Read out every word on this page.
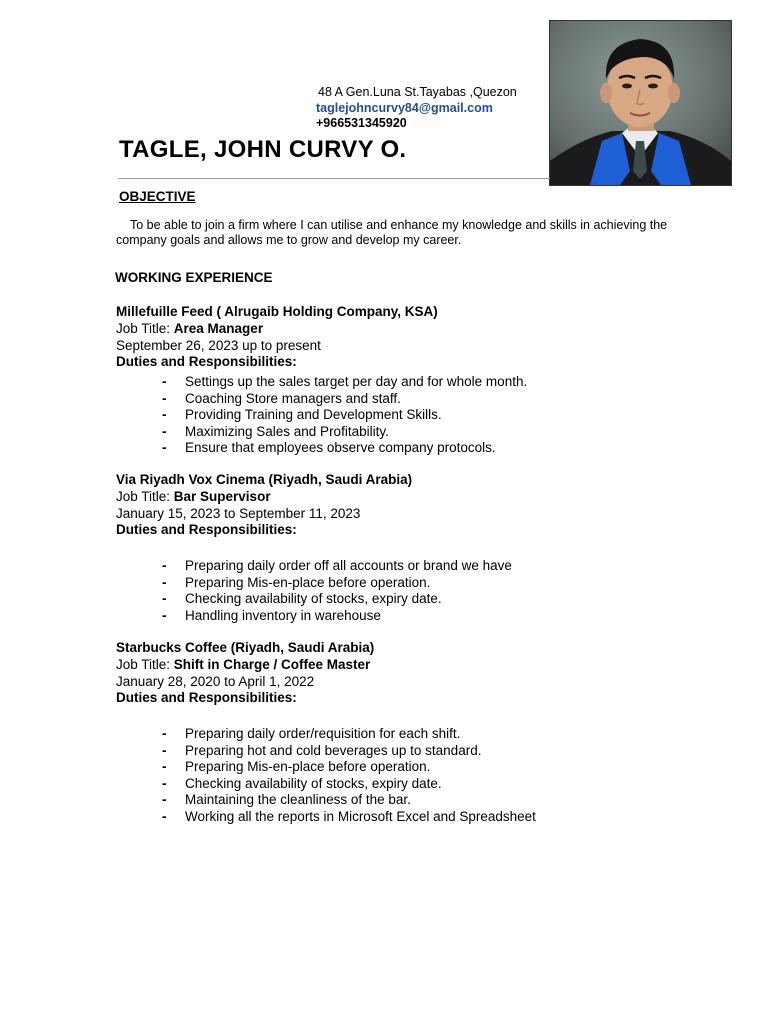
48 A Gen.Luna St.Tayabas ,Quezon
taglejohncurvy84@gmail.com
+966531345920
TAGLE, JOHN CURVY O.
OBJECTIVE
To be able to join a firm where I can utilise and enhance my knowledge and skills in achieving the company goals and allows me to grow and develop my career.
WORKING EXPERIENCE
Millefuille Feed ( Alrugaib Holding Company, KSA)
Job Title: Area Manager
September 26, 2023 up to present
Duties and Responsibilities:
- Settings up the sales target per day and for whole month.
- Coaching Store managers and staff.
- Providing Training and Development Skills.
- Maximizing Sales and Profitability.
- Ensure that employees observe company protocols.
Via Riyadh Vox Cinema (Riyadh, Saudi Arabia)
Job Title: Bar Supervisor
January 15, 2023 to September 11, 2023
Duties and Responsibilities:
- Preparing daily order off all accounts or brand we have
- Preparing Mis-en-place before operation.
- Checking availability of stocks, expiry date.
- Handling inventory in warehouse
Starbucks Coffee (Riyadh, Saudi Arabia)
Job Title: Shift in Charge / Coffee Master
January 28, 2020 to April 1, 2022
Duties and Responsibilities:
- Preparing daily order/requisition for each shift.
- Preparing hot and cold beverages up to standard.
- Preparing Mis-en-place before operation.
- Checking availability of stocks, expiry date.
- Maintaining the cleanliness of the bar.
- Working all the reports in Microsoft Excel and Spreadsheet
